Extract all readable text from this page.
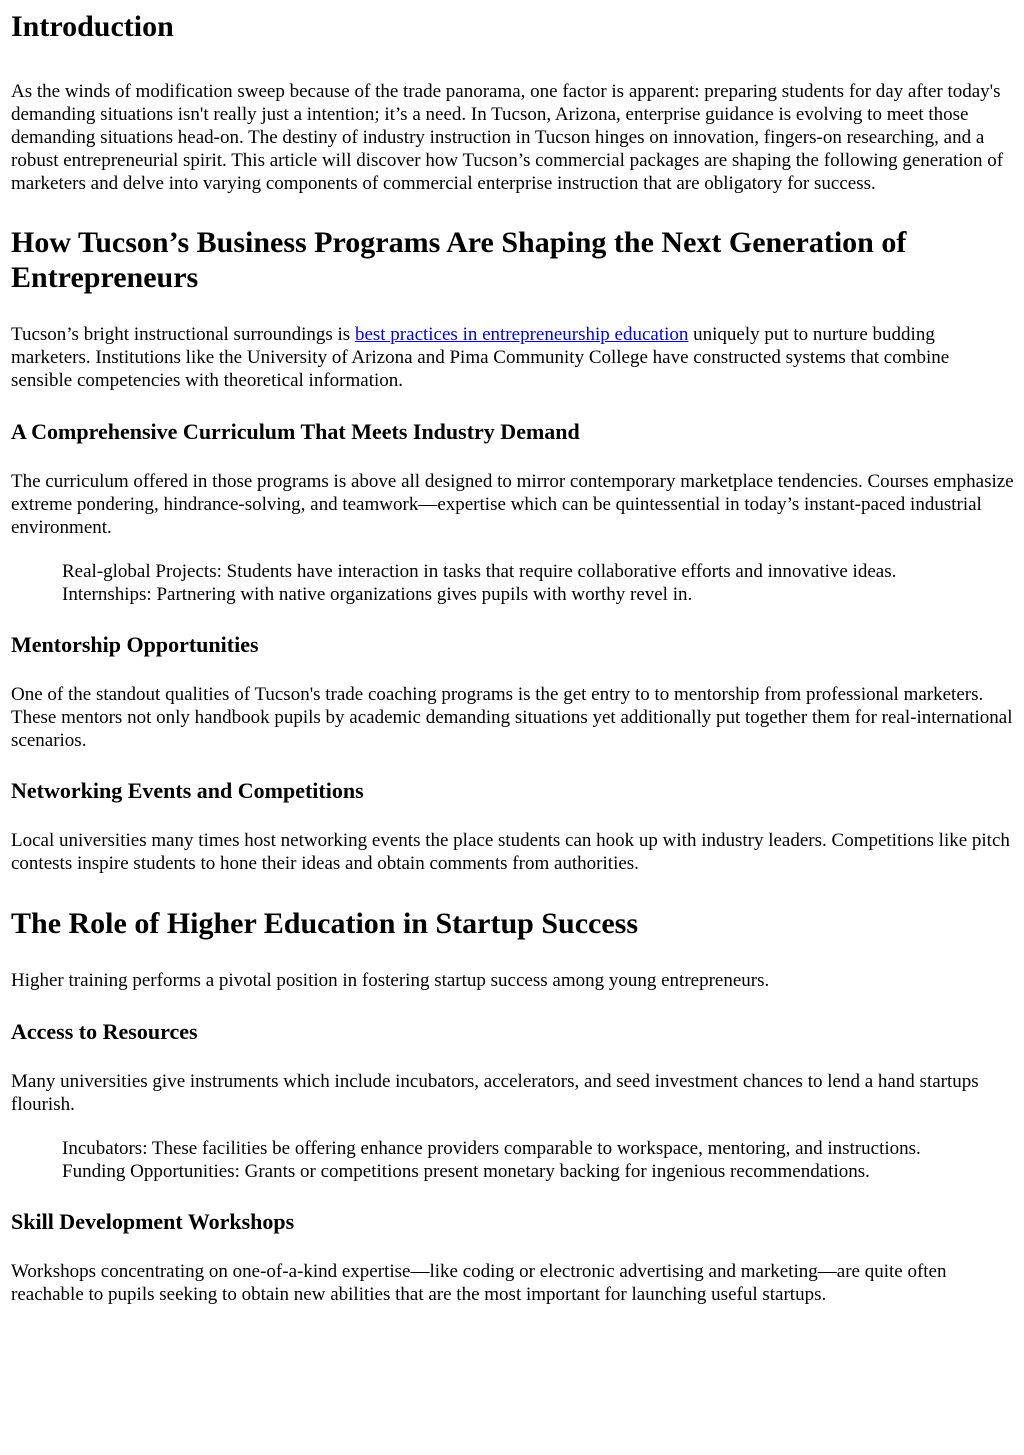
Introduction

As the winds of modification sweep because of the trade panorama, one factor is apparent: preparing students for day after today's demanding situations isn't really just a intention; it’s a need. In Tucson, Arizona, enterprise guidance is evolving to meet those demanding situations head-on. The destiny of industry instruction in Tucson hinges on innovation, fingers-on researching, and a robust entrepreneurial spirit. This article will discover how Tucson’s commercial packages are shaping the following generation of marketers and delve into varying components of commercial enterprise instruction that are obligatory for success.

How Tucson’s Business Programs Are Shaping the Next Generation of Entrepreneurs

Tucson’s bright instructional surroundings is best practices in entrepreneurship education uniquely put to nurture budding marketers. Institutions like the University of Arizona and Pima Community College have constructed systems that combine sensible competencies with theoretical information.

A Comprehensive Curriculum That Meets Industry Demand

The curriculum offered in those programs is above all designed to mirror contemporary marketplace tendencies. Courses emphasize extreme pondering, hindrance-solving, and teamwork—expertise which can be quintessential in today’s instant-paced industrial environment.

Real-global Projects: Students have interaction in tasks that require collaborative efforts and innovative ideas.
Internships: Partnering with native organizations gives pupils with worthy revel in.
Mentorship Opportunities

One of the standout qualities of Tucson's trade coaching programs is the get entry to to mentorship from professional marketers. These mentors not only handbook pupils by academic demanding situations yet additionally put together them for real-international scenarios.

Networking Events and Competitions

Local universities many times host networking events the place students can hook up with industry leaders. Competitions like pitch contests inspire students to hone their ideas and obtain comments from authorities.

The Role of Higher Education in Startup Success

Higher training performs a pivotal position in fostering startup success among young entrepreneurs.

Access to Resources

Many universities give instruments which include incubators, accelerators, and seed investment chances to lend a hand startups flourish.

Incubators: These facilities be offering enhance providers comparable to workspace, mentoring, and instructions.
Funding Opportunities: Grants or competitions present monetary backing for ingenious recommendations.
Skill Development Workshops

Workshops concentrating on one-of-a-kind expertise—like coding or electronic advertising and marketing—are quite often reachable to pupils seeking to obtain new abilities that are the most important for launching useful startups.
